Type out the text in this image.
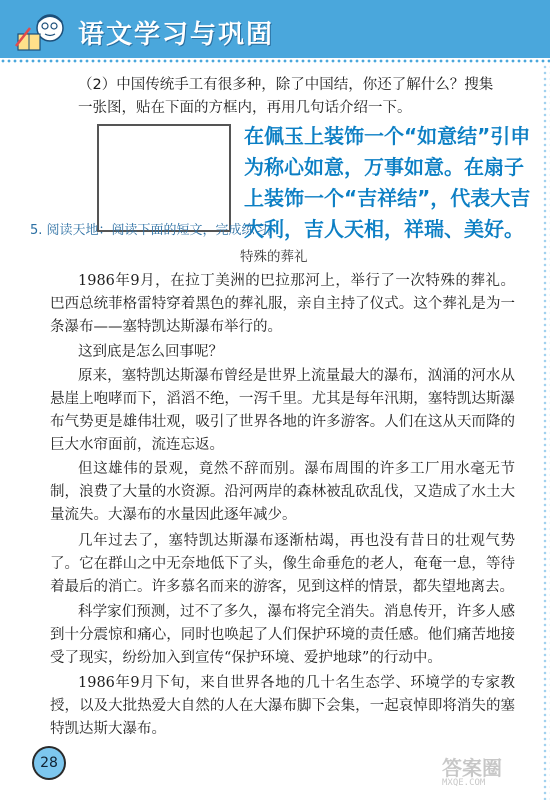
语文学习与巩固
（2）中国传统手工有很多种，除了中国结，你还了解什么？搜集一张图，贴在下面的方框内，再用几句话介绍一下。
在佩玉上装饰一个“如意结”引申为称心如意，万事如意。在扇子上装饰一个“吉祥结”，代表大吉大利，吉人天相，祥瑞、美好。
5. 阅读天地：阅读下面的短文，完成练习。
特殊的葬礼

1986年9月，在拉丁美洲的巴拉那河上，举行了一次特殊的葬礼。巴西总统菲格雷特穿着黑色的葬礼服，亲自主持了仪式。这个葬礼是为一条瀑布——塞特凯达斯瀑布举行的。

这到底是怎么回事呢？

原来，塞特凯达斯瀑布曾经是世界上流量最大的瀑布，汹涌的河水从悬崖上咆哮而下，滔滔不绝，一泻千里。尤其是每年汛期，塞特凯达斯瀑布气势更是雄伟壮观，吸引了世界各地的许多游客。人们在这从天而降的巨大水帘面前，流连忘返。

但这雄伟的景观，竟然不辞而别。瀑布周围的许多工厂用水毫无节制，浪费了大量的水资源。沿河两岸的森林被乱砍乱伐，又造成了水土大量流失。大瀑布的水量因此逐年减少。

几年过去了，塞特凯达斯瀑布逐渐枯竭，再也没有昔日的壮观气势了。它在群山之中无奈地低下了头，像生命垂危的老人，奄奄一息，等待着最后的消亡。许多慕名而来的游客，见到这样的情景，都失望地离去。

科学家们预测，过不了多久，瀑布将完全消失。消息传开，许多人感到十分震惊和痛心，同时也唤起了人们保护环境的责任感。他们痛苦地接受了现实，纷纷加入到宣传“保护环境、爱护地球”的行动中。

1986年9月下旬，来自世界各地的几十名生态学、环境学的专家教授，以及大批热爱大自然的人在大瀑布脚下会集，一起哀悼即将消失的塞特凯达斯大瀑布。

28	答案圈
MXQE.COM
